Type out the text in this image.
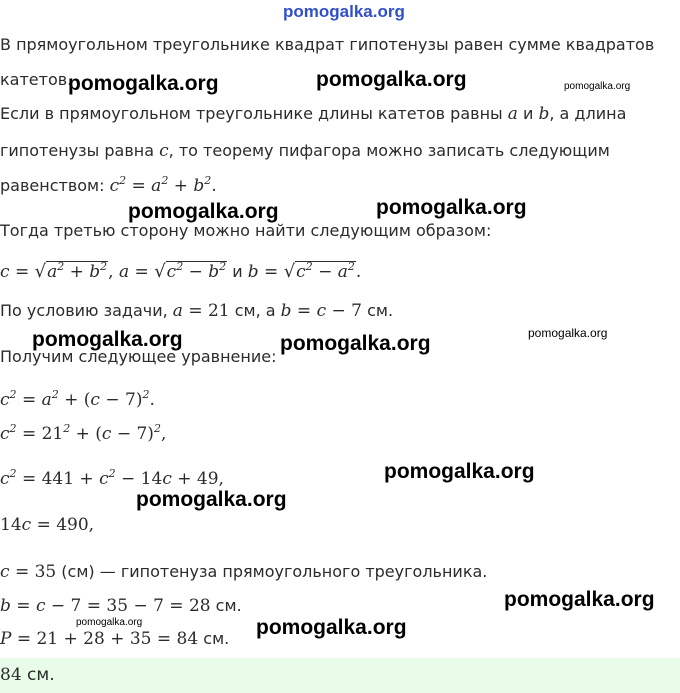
pomogalka.org
В прямоугольном треугольнике квадрат гипотенузы равен сумме квадратов
катетов.
Если в прямоугольном треугольнике длины катетов равны a и b, а длина
гипотенузы равна c, то теорему пифагора можно записать следующим
равенством: $c^2 = a^2 + b^2$.
Тогда третью сторону можно найти следующим образом:
$c = √a^2 + b^2$, $a = √c^2 - b^2$ и $b = √c^2 - a^2$.
По условию задачи, a = 21 см, а b = c − 7 см.
Получим следующее уравнение:
$c^2 = a^2 + (c - 7)^2$.
$c^2 = 21^2 + (c - 7)^2$,
$c^2 = 441 + c^2 - 14c + 49$,
14c = 490,
c = 35 (см) — гипотенуза прямоугольного треугольника.
b = c − 7 = 35 − 7 = 28 см.
P = 21 + 28 + 35 = 84 см.
84 см.
pomogalka.org	pomogalka.org	pomogalka.org
pomogalka.org	pomogalka.org
pomogalka.org	pomogalka.org	pomogalka.org
pomogalka.org
pomogalka.org
pomogalka.org
pomogalka.org	pomogalka.org
